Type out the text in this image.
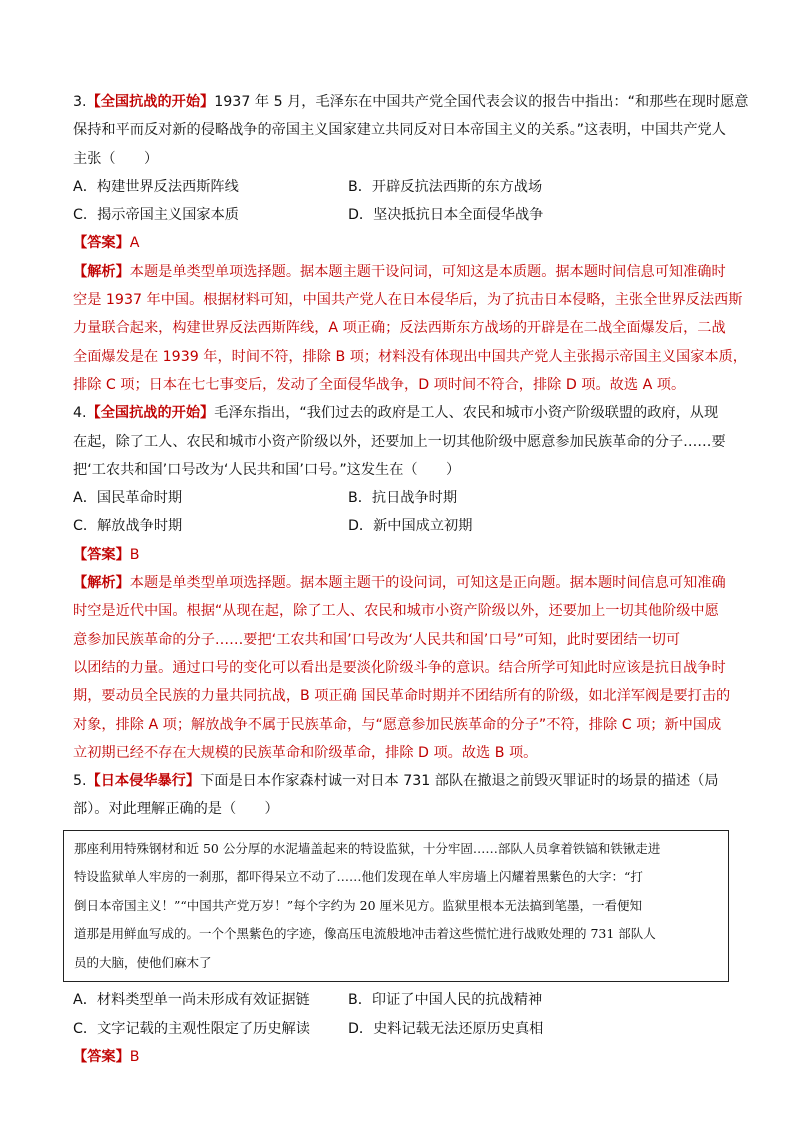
3.【全国抗战的开始】1937 年 5 月，毛泽东在中国共产党全国代表会议的报告中指出：“和那些在现时愿意
保持和平而反对新的侵略战争的帝国主义国家建立共同反对日本帝国主义的关系。”这表明，中国共产党人
主张（　　）
A．构建世界反法西斯阵线	B．开辟反抗法西斯的东方战场
C．揭示帝国主义国家本质	D．坚决抵抗日本全面侵华战争
【答案】A
【解析】本题是单类型单项选择题。据本题主题干设问词，可知这是本质题。据本题时间信息可知准确时
空是 1937 年中国。根据材料可知，中国共产党人在日本侵华后，为了抗击日本侵略，主张全世界反法西斯
力量联合起来，构建世界反法西斯阵线，A 项正确；反法西斯东方战场的开辟是在二战全面爆发后，二战
全面爆发是在 1939 年，时间不符，排除 B 项；材料没有体现出中国共产党人主张揭示帝国主义国家本质，
排除 C 项；日本在七七事变后，发动了全面侵华战争，D 项时间不符合，排除 D 项。故选 A 项。
4.【全国抗战的开始】毛泽东指出，“我们过去的政府是工人、农民和城市小资产阶级联盟的政府，从现
在起，除了工人、农民和城市小资产阶级以外，还要加上一切其他阶级中愿意参加民族革命的分子……要
把‘工农共和国’口号改为‘人民共和国’口号。”这发生在（　　）
A．国民革命时期	B．抗日战争时期
C．解放战争时期	D．新中国成立初期
【答案】B
【解析】本题是单类型单项选择题。据本题主题干的设问词，可知这是正向题。据本题时间信息可知准确
时空是近代中国。根据“从现在起，除了工人、农民和城市小资产阶级以外，还要加上一切其他阶级中愿
意参加民族革命的分子……要把‘工农共和国’口号改为‘人民共和国’口号”可知，此时要团结一切可
以团结的力量。通过口号的变化可以看出是要淡化阶级斗争的意识。结合所学可知此时应该是抗日战争时
期，要动员全民族的力量共同抗战，B 项正确 国民革命时期并不团结所有的阶级，如北洋军阀是要打击的
对象，排除 A 项；解放战争不属于民族革命，与“愿意参加民族革命的分子”不符，排除 C 项；新中国成
立初期已经不存在大规模的民族革命和阶级革命，排除 D 项。故选 B 项。
5.【日本侵华暴行】下面是日本作家森村诚一对日本 731 部队在撤退之前毁灭罪证时的场景的描述（局
部）。对此理解正确的是（　　）
那座利用特殊钢材和近 50 公分厚的水泥墙盖起来的特设监狱，十分牢固……部队人员拿着铁镐和铁锹走进
特设监狱单人牢房的一刹那，都吓得呆立不动了……他们发现在单人牢房墙上闪耀着黑紫色的大字：“打
倒日本帝国主义！”“中国共产党万岁！”每个字约为 20 厘米见方。监狱里根本无法搞到笔墨，一看便知
道那是用鲜血写成的。一个个黑紫色的字迹，像高压电流般地冲击着这些慌忙进行战败处理的 731 部队人
员的大脑，使他们麻木了
A．材料类型单一尚未形成有效证据链	B．印证了中国人民的抗战精神
C．文字记载的主观性限定了历史解读	D．史料记载无法还原历史真相
【答案】B
